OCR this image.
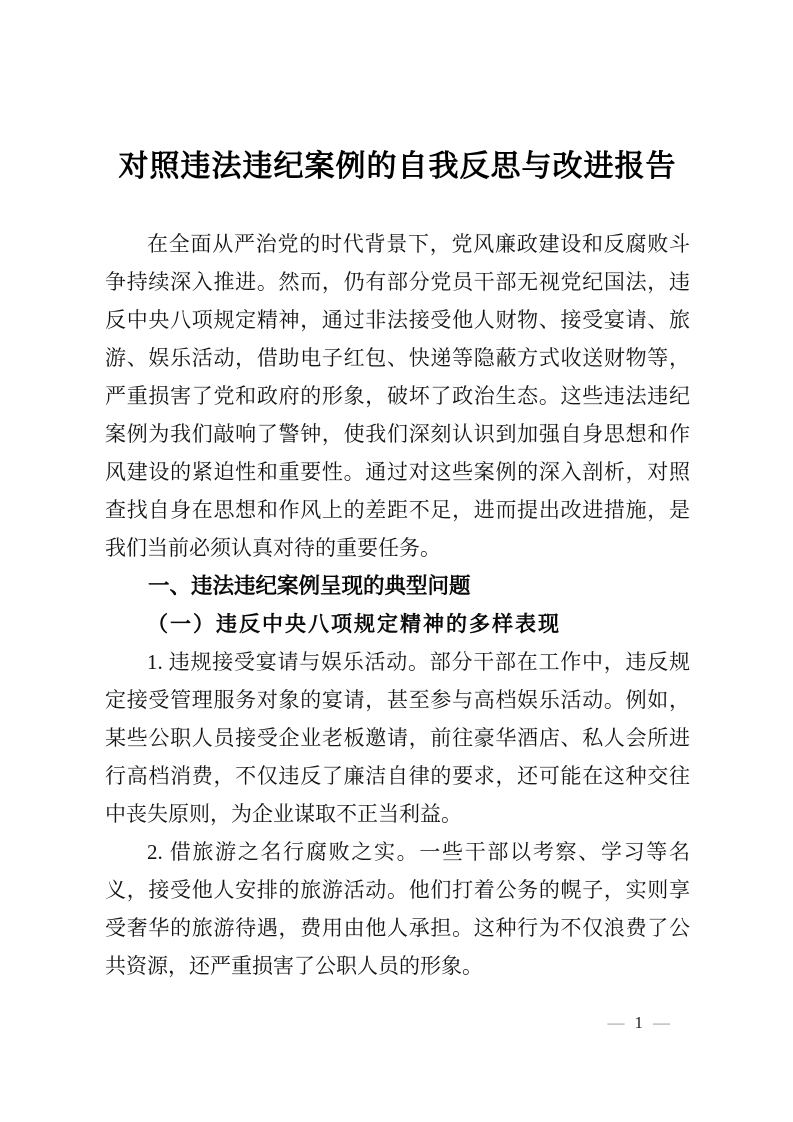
对照违法违纪案例的自我反思与改进报告

在全面从严治党的时代背景下，党风廉政建设和反腐败斗争持续深入推进。然而，仍有部分党员干部无视党纪国法，违反中央八项规定精神，通过非法接受他人财物、接受宴请、旅游、娱乐活动，借助电子红包、快递等隐蔽方式收送财物等，严重损害了党和政府的形象，破坏了政治生态。这些违法违纪案例为我们敲响了警钟，使我们深刻认识到加强自身思想和作风建设的紧迫性和重要性。通过对这些案例的深入剖析，对照查找自身在思想和作风上的差距不足，进而提出改进措施，是我们当前必须认真对待的重要任务。

一、违法违纪案例呈现的典型问题
（一）违反中央八项规定精神的多样表现

1. 违规接受宴请与娱乐活动。部分干部在工作中，违反规定接受管理服务对象的宴请，甚至参与高档娱乐活动。例如，某些公职人员接受企业老板邀请，前往豪华酒店、私人会所进行高档消费，不仅违反了廉洁自律的要求，还可能在这种交往中丧失原则，为企业谋取不正当利益。

2. 借旅游之名行腐败之实。一些干部以考察、学习等名义，接受他人安排的旅游活动。他们打着公务的幌子，实则享受奢华的旅游待遇，费用由他人承担。这种行为不仅浪费了公共资源，还严重损害了公职人员的形象。

— 1 —
